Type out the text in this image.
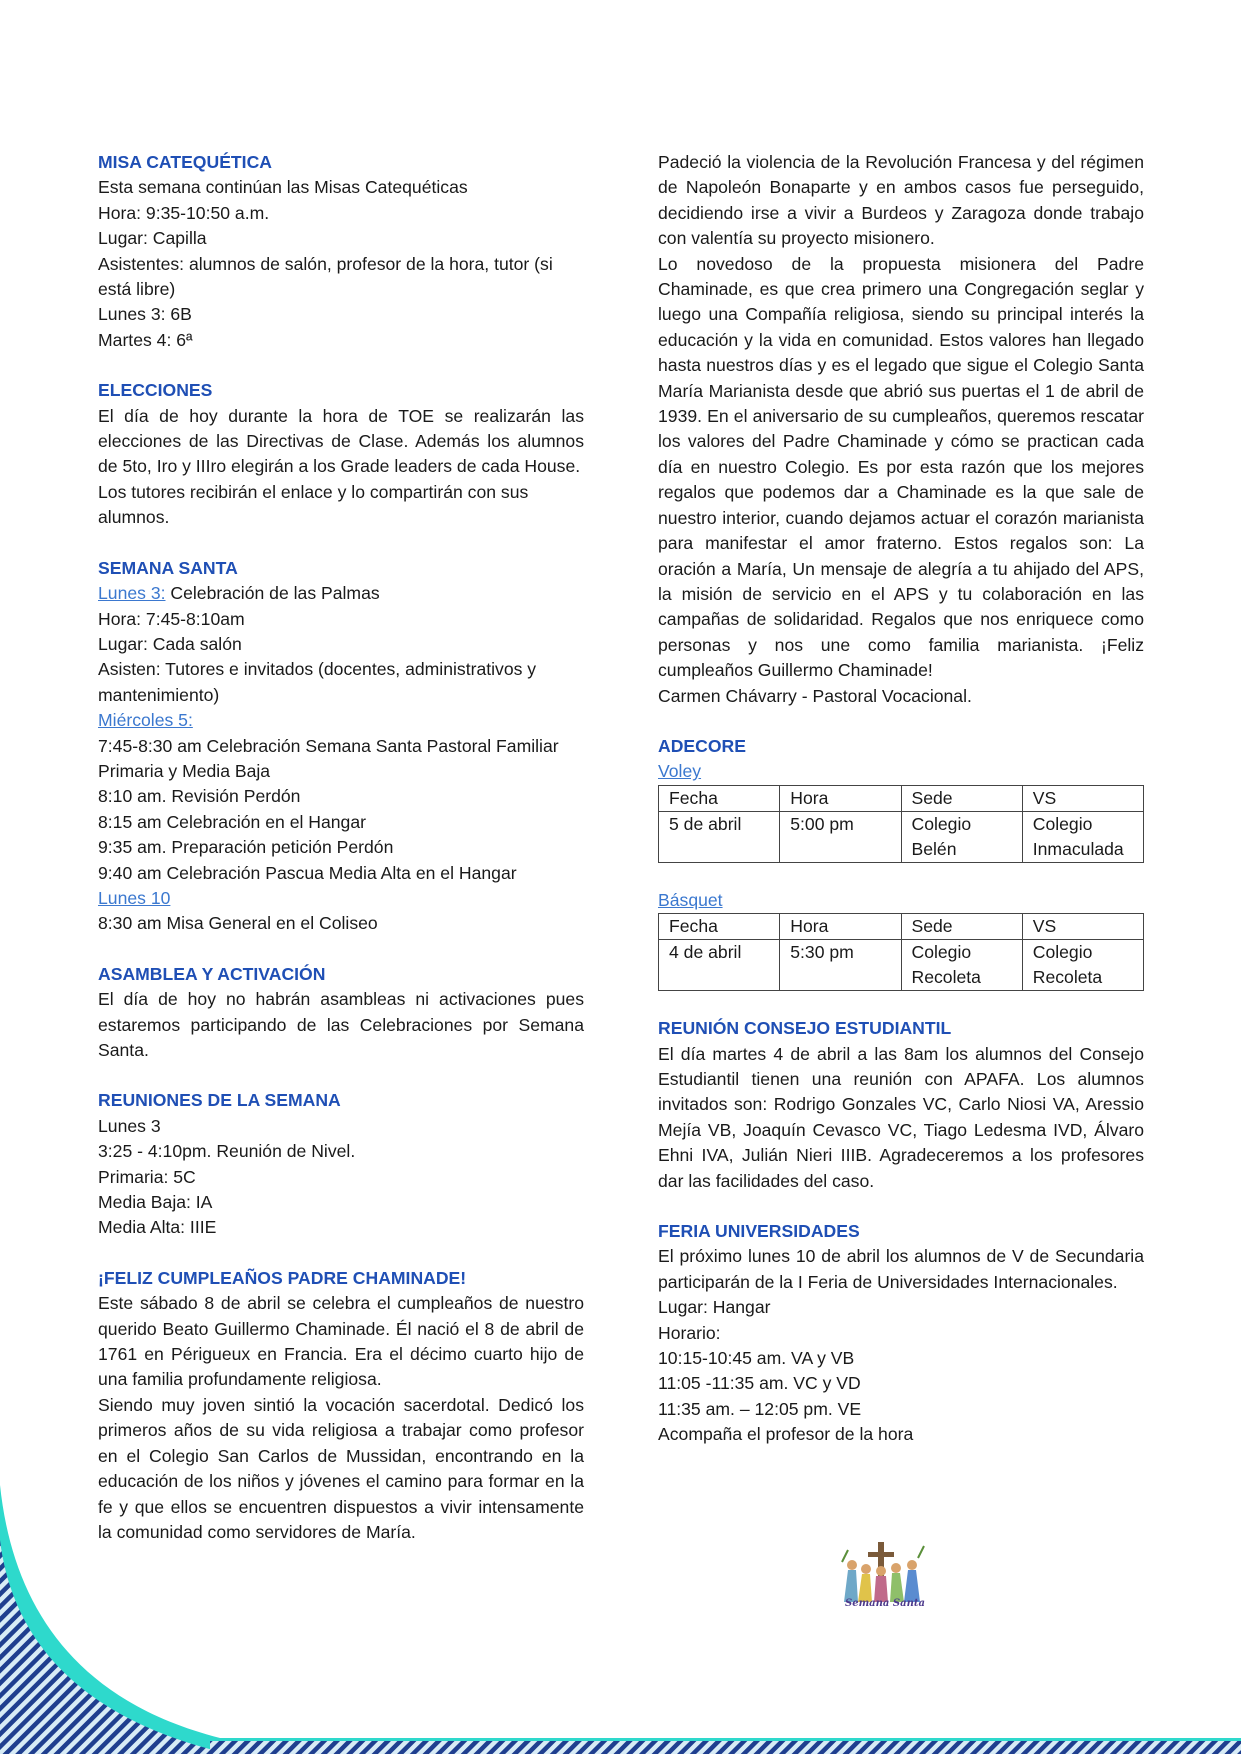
MISA CATEQUÉTICA

Esta semana continúan las Misas Catequéticas

Hora: 9:35-10:50 a.m.

Lugar: Capilla

Asistentes: alumnos de salón, profesor de la hora, tutor (si está libre)

Lunes 3: 6B

Martes 4: 6ª

ELECCIONES

El día de hoy durante la hora de TOE se realizarán las elecciones de las Directivas de Clase. Además los alumnos de 5to, Iro y IIIro elegirán a los Grade leaders de cada House.

Los tutores recibirán el enlace y lo compartirán con sus alumnos.

SEMANA SANTA

Lunes 3: Celebración de las Palmas

Hora: 7:45-8:10am

Lugar: Cada salón

Asisten: Tutores e invitados (docentes, administrativos y mantenimiento)

Miércoles 5:

7:45-8:30 am Celebración Semana Santa Pastoral Familiar Primaria y Media Baja

8:10 am. Revisión Perdón

8:15 am Celebración en el Hangar

9:35 am. Preparación petición Perdón

9:40 am Celebración Pascua Media Alta en el Hangar

Lunes 10

8:30 am Misa General en el Coliseo

ASAMBLEA Y ACTIVACIÓN

El día de hoy no habrán asambleas ni activaciones pues estaremos participando de las Celebraciones por Semana Santa.

REUNIONES DE LA SEMANA

Lunes 3

3:25 - 4:10pm. Reunión de Nivel.

Primaria: 5C

Media Baja: IA

Media Alta: IIIE

¡FELIZ CUMPLEAÑOS PADRE CHAMINADE!

Este sábado 8 de abril se celebra el cumpleaños de nuestro querido Beato Guillermo Chaminade. Él nació el 8 de abril de 1761 en Périgueux en Francia. Era el décimo cuarto hijo de una familia profundamente religiosa.

Siendo muy joven sintió la vocación sacerdotal. Dedicó los primeros años de su vida religiosa a trabajar como profesor en el Colegio San Carlos de Mussidan, encontrando en la educación de los niños y jóvenes el camino para formar en la fe y que ellos se encuentren dispuestos a vivir intensamente la comunidad como servidores de María.

Padeció la violencia de la Revolución Francesa y del régimen de Napoleón Bonaparte y en ambos casos fue perseguido, decidiendo irse a vivir a Burdeos y Zaragoza donde trabajo con valentía su proyecto misionero.

Lo novedoso de la propuesta misionera del Padre Chaminade, es que crea primero una Congregación seglar y luego una Compañía religiosa, siendo su principal interés la educación y la vida en comunidad. Estos valores han llegado hasta nuestros días y es el legado que sigue el Colegio Santa María Marianista desde que abrió sus puertas el 1 de abril de 1939. En el aniversario de su cumpleaños, queremos rescatar los valores del Padre Chaminade y cómo se practican cada día en nuestro Colegio. Es por esta razón que los mejores regalos que podemos dar a Chaminade es la que sale de nuestro interior, cuando dejamos actuar el corazón marianista para manifestar el amor fraterno. Estos regalos son: La oración a María, Un mensaje de alegría a tu ahijado del APS, la misión de servicio en el APS y tu colaboración en las campañas de solidaridad. Regalos que nos enriquece como personas y nos une como familia marianista. ¡Feliz cumpleaños Guillermo Chaminade!

Carmen Chávarry - Pastoral Vocacional.

ADECORE

Voley

Fecha	Hora	Sede	VS
5 de abril	5:00 pm	Colegio Belén	Colegio Inmaculada

Básquet

Fecha	Hora	Sede	VS
4 de abril	5:30 pm	Colegio Recoleta	Colegio Recoleta
REUNIÓN CONSEJO ESTUDIANTIL

El día martes 4 de abril a las 8am los alumnos del Consejo Estudiantil tienen una reunión con APAFA. Los alumnos invitados son: Rodrigo Gonzales VC, Carlo Niosi VA, Aressio Mejía VB, Joaquín Cevasco VC, Tiago Ledesma IVD, Álvaro Ehni IVA, Julián Nieri IIIB. Agradeceremos a los profesores dar las facilidades del caso.

FERIA UNIVERSIDADES

El próximo lunes 10 de abril los alumnos de V de Secundaria participarán de la I Feria de Universidades Internacionales.

Lugar: Hangar

Horario:

10:15-10:45 am. VA y VB

11:05 -11:35 am. VC y VD

11:35 am. – 12:05 pm. VE

Acompaña el profesor de la hora

Semana Santa
